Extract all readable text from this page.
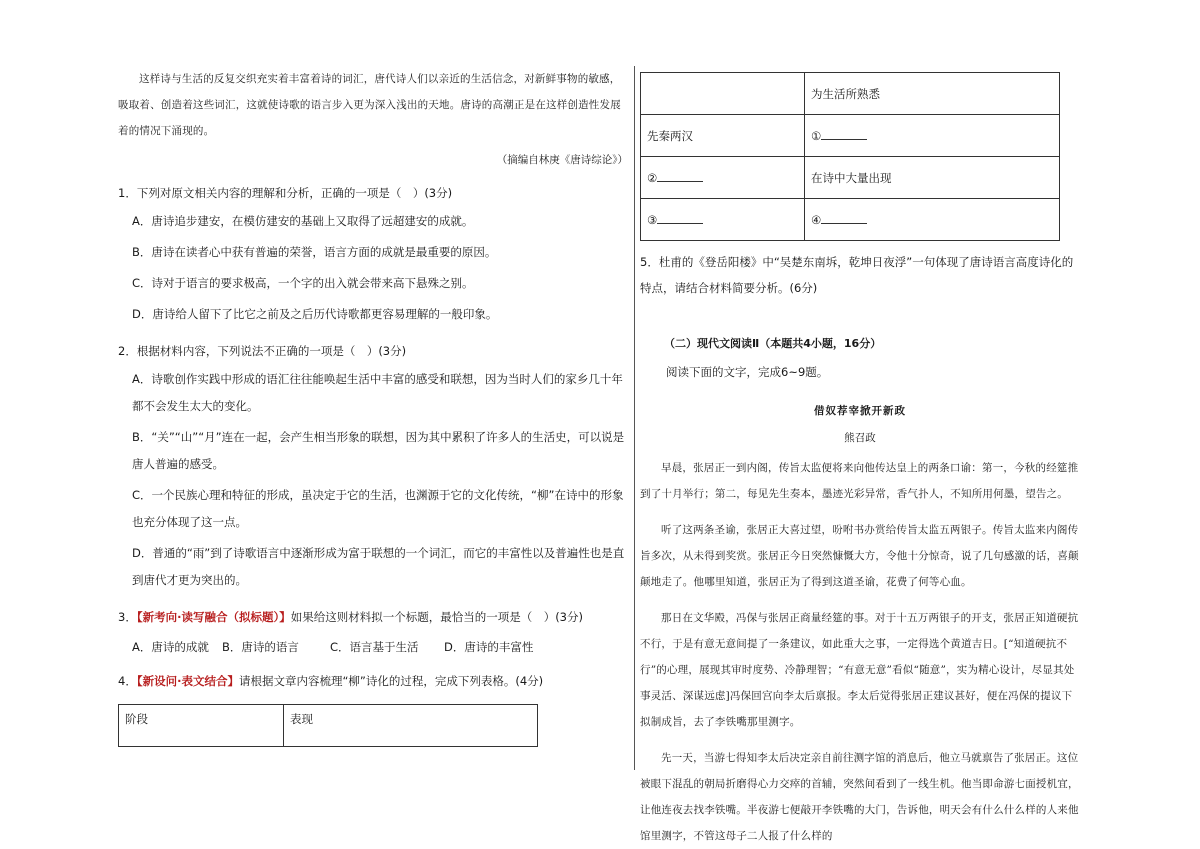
这样诗与生活的反复交织充实着丰富着诗的词汇，唐代诗人们以亲近的生活信念，对新鲜事物的敏感，吸取着、创造着这些词汇，这就使诗歌的语言步入更为深入浅出的天地。唐诗的高潮正是在这样创造性发展着的情况下涌现的。

（摘编自林庚《唐诗综论》）
1．下列对原文相关内容的理解和分析，正确的一项是（　）(3分)
A．唐诗追步建安，在模仿建安的基础上又取得了远超建安的成就。
B．唐诗在读者心中获有普遍的荣誉，语言方面的成就是最重要的原因。
C．诗对于语言的要求极高，一个字的出入就会带来高下悬殊之别。
D．唐诗给人留下了比它之前及之后历代诗歌都更容易理解的一般印象。
2．根据材料内容，下列说法不正确的一项是（　）(3分)
A．诗歌创作实践中形成的语汇往往能唤起生活中丰富的感受和联想，因为当时人们的家乡几十年都不会发生太大的变化。
B．“关”“山”“月”连在一起，会产生相当形象的联想，因为其中累积了许多人的生活史，可以说是唐人普遍的感受。
C．一个民族心理和特征的形成，虽决定于它的生活，也渊源于它的文化传统，“柳”在诗中的形象也充分体现了这一点。
D．普通的“雨”到了诗歌语言中逐渐形成为富于联想的一个词汇，而它的丰富性以及普遍性也是直到唐代才更为突出的。
3．【新考向·读写融合（拟标题）】如果给这则材料拟一个标题，最恰当的一项是（　）(3分)
A．唐诗的成就	B．唐诗的语言	C．语言基于生活	D．唐诗的丰富性
4．【新设问·表文结合】请根据文章内容梳理“柳”诗化的过程，完成下列表格。(4分)
阶段	表现
	为生活所熟悉
先秦两汉	①
②	在诗中大量出现
③	④
5．杜甫的《登岳阳楼》中“吴楚东南坼，乾坤日夜浮”一句体现了唐诗语言高度诗化的特点，请结合材料简要分析。(6分)
（二）现代文阅读Ⅱ（本题共4小题，16分）
阅读下面的文字，完成6~9题。
借奴荐宰掀开新政
熊召政

早晨，张居正一到内阁，传旨太监便将来向他传达皇上的两条口谕：第一，今秋的经筵推到了十月举行；第二，每见先生奏本，墨迹光彩异常，香气扑人，不知所用何墨，望告之。

听了这两条圣谕，张居正大喜过望，吩咐书办赏给传旨太监五两银子。传旨太监来内阁传旨多次，从未得到奖赏。张居正今日突然慷慨大方，令他十分惊奇，说了几句感激的话，喜颠颠地走了。他哪里知道，张居正为了得到这道圣谕，花费了何等心血。

那日在文华殿，冯保与张居正商量经筵的事。对于十五万两银子的开支，张居正知道硬抗不行，于是有意无意间提了一条建议，如此重大之事，一定得选个黄道吉日。[“知道硬抗不行”的心理，展现其审时度势、冷静理智；“有意无意”看似“随意”，实为精心设计，尽显其处事灵活、深谋远虑]冯保回宫向李太后禀报。李太后觉得张居正建议甚好，便在冯保的提议下拟制成旨，去了李铁嘴那里测字。

先一天，当游七得知李太后决定亲自前往测字馆的消息后，他立马就禀告了张居正。这位被眼下混乱的朝局折磨得心力交瘁的首辅，突然间看到了一线生机。他当即命游七面授机宜，让他连夜去找李铁嘴。半夜游七便敲开李铁嘴的大门，告诉他，明天会有什么什么样的人来他馆里测字，不管这母子二人报了什么样的
